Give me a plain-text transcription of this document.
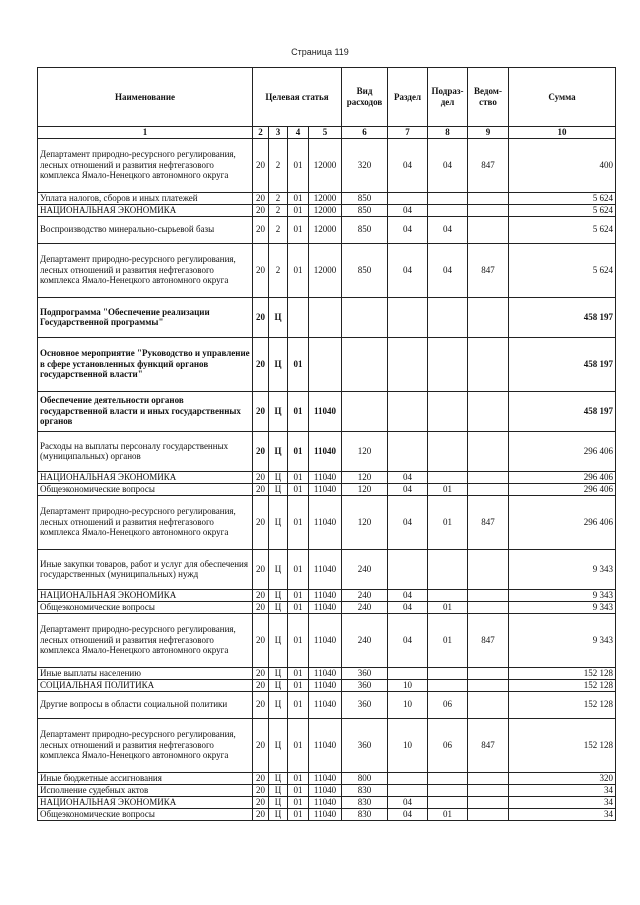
Страница 119
Наименование	Целевая статья				Вид расходов	Раздел	Подраз-дел	Ведом-ство	Сумма
1	2	3	4	5	6	7	8	9	10
Департамент природно-ресурсного регулирования, лесных отношений и развития нефтегазового комплекса Ямало-Ненецкого автономного округа	20	2	01	12000	320	04	04	847	400
Уплата налогов, сборов и иных платежей	20	2	01	12000	850				5 624
НАЦИОНАЛЬНАЯ ЭКОНОМИКА	20	2	01	12000	850	04			5 624
Воспроизводство минерально-сырьевой базы	20	2	01	12000	850	04	04		5 624
Департамент природно-ресурсного регулирования, лесных отношений и развития нефтегазового комплекса Ямало-Ненецкого автономного округа	20	2	01	12000	850	04	04	847	5 624
Подпрограмма "Обеспечение реализации Государственной программы"	20	Ц							458 197
Основное мероприятие "Руководство и управление в сфере установленных функций органов государственной власти"	20	Ц	01						458 197
Обеспечение деятельности органов государственной власти и иных государственных органов	20	Ц	01	11040					458 197
Расходы на выплаты персоналу государственных (муниципальных) органов	20	Ц	01	11040	120				296 406
НАЦИОНАЛЬНАЯ ЭКОНОМИКА	20	Ц	01	11040	120	04			296 406
Общеэкономические вопросы	20	Ц	01	11040	120	04	01		296 406
Департамент природно-ресурсного регулирования, лесных отношений и развития нефтегазового комплекса Ямало-Ненецкого автономного округа	20	Ц	01	11040	120	04	01	847	296 406
Иные закупки товаров, работ и услуг для обеспечения государственных (муниципальных) нужд	20	Ц	01	11040	240				9 343
НАЦИОНАЛЬНАЯ ЭКОНОМИКА	20	Ц	01	11040	240	04			9 343
Общеэкономические вопросы	20	Ц	01	11040	240	04	01		9 343
Департамент природно-ресурсного регулирования, лесных отношений и развития нефтегазового комплекса Ямало-Ненецкого автономного округа	20	Ц	01	11040	240	04	01	847	9 343
Иные выплаты населению	20	Ц	01	11040	360				152 128
СОЦИАЛЬНАЯ ПОЛИТИКА	20	Ц	01	11040	360	10			152 128
Другие вопросы в области социальной политики	20	Ц	01	11040	360	10	06		152 128
Департамент природно-ресурсного регулирования, лесных отношений и развития нефтегазового комплекса Ямало-Ненецкого автономного округа	20	Ц	01	11040	360	10	06	847	152 128
Иные бюджетные ассигнования	20	Ц	01	11040	800				320
Исполнение судебных актов	20	Ц	01	11040	830				34
НАЦИОНАЛЬНАЯ ЭКОНОМИКА	20	Ц	01	11040	830	04			34
Общеэкономические вопросы	20	Ц	01	11040	830	04	01		34
